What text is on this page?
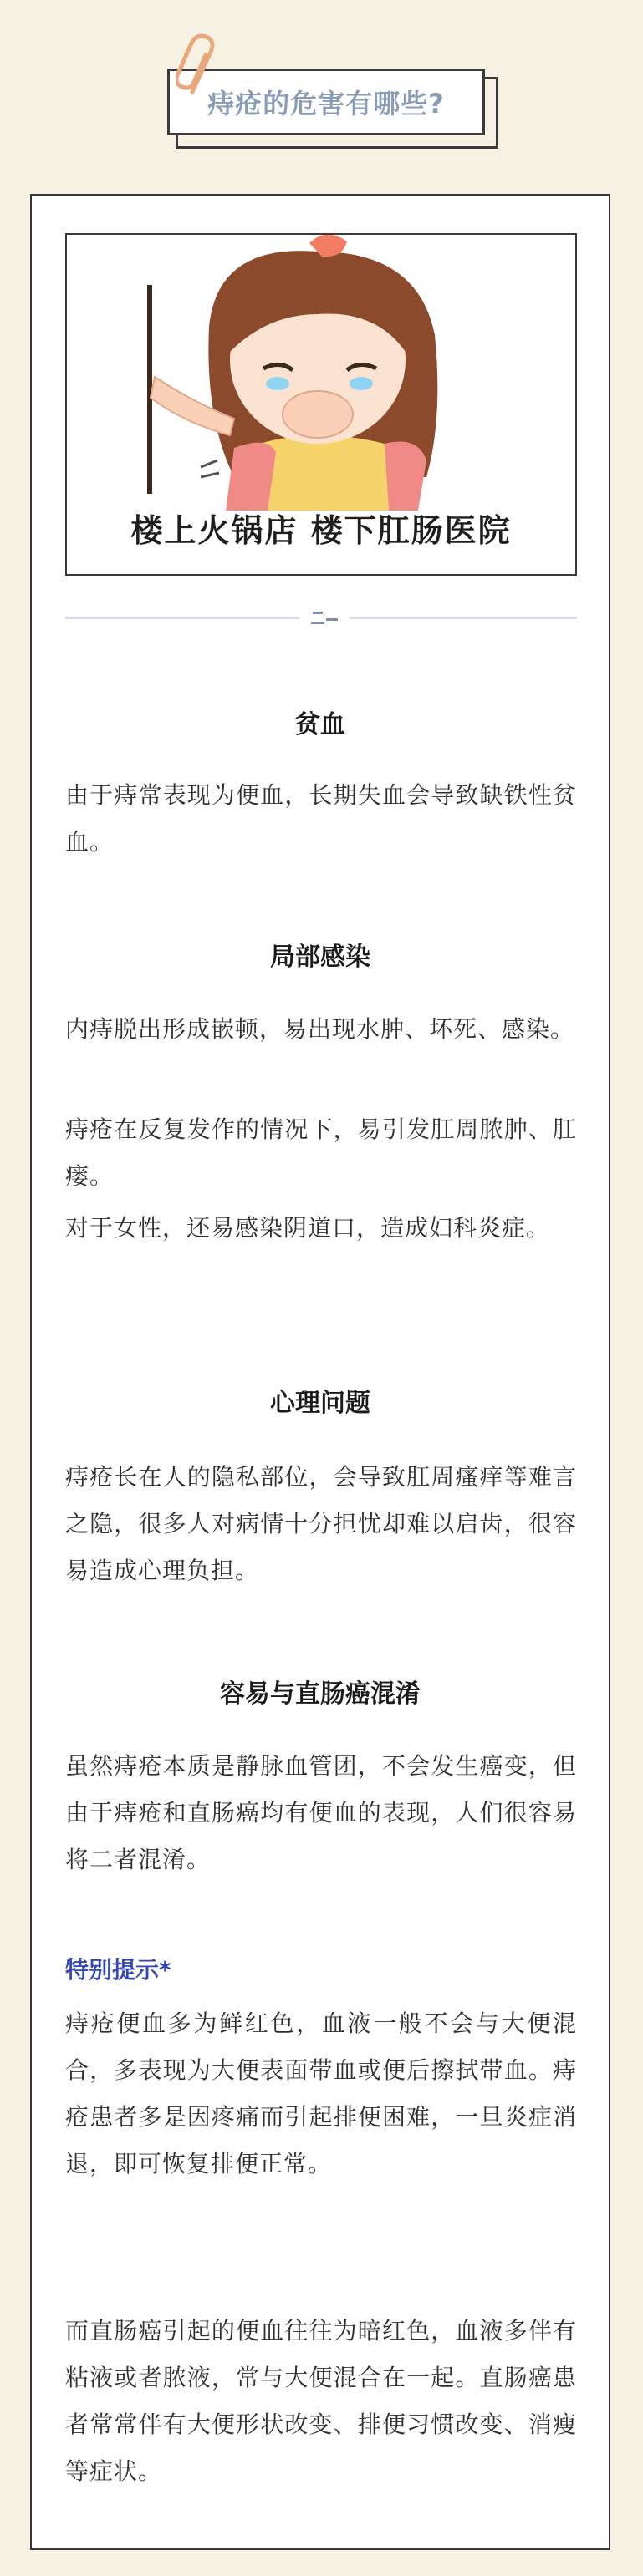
痔疮的危害有哪些?
楼上火锅店 楼下肛肠医院
贫血
由于痔常表现为便血，长期失血会导致缺铁性贫血。
局部感染
内痔脱出形成嵌顿，易出现水肿、坏死、感染。
痔疮在反复发作的情况下，易引发肛周脓肿、肛瘘。
对于女性，还易感染阴道口，造成妇科炎症。
心理问题
痔疮长在人的隐私部位，会导致肛周瘙痒等难言之隐，很多人对病情十分担忧却难以启齿，很容易造成心理负担。
容易与直肠癌混淆
虽然痔疮本质是静脉血管团，不会发生癌变，但由于痔疮和直肠癌均有便血的表现，人们很容易将二者混淆。
特别提示*
痔疮便血多为鲜红色，血液一般不会与大便混合，多表现为大便表面带血或便后擦拭带血。痔疮患者多是因疼痛而引起排便困难，一旦炎症消退，即可恢复排便正常。
而直肠癌引起的便血往往为暗红色，血液多伴有粘液或者脓液，常与大便混合在一起。直肠癌患者常常伴有大便形状改变、排便习惯改变、消瘦等症状。
